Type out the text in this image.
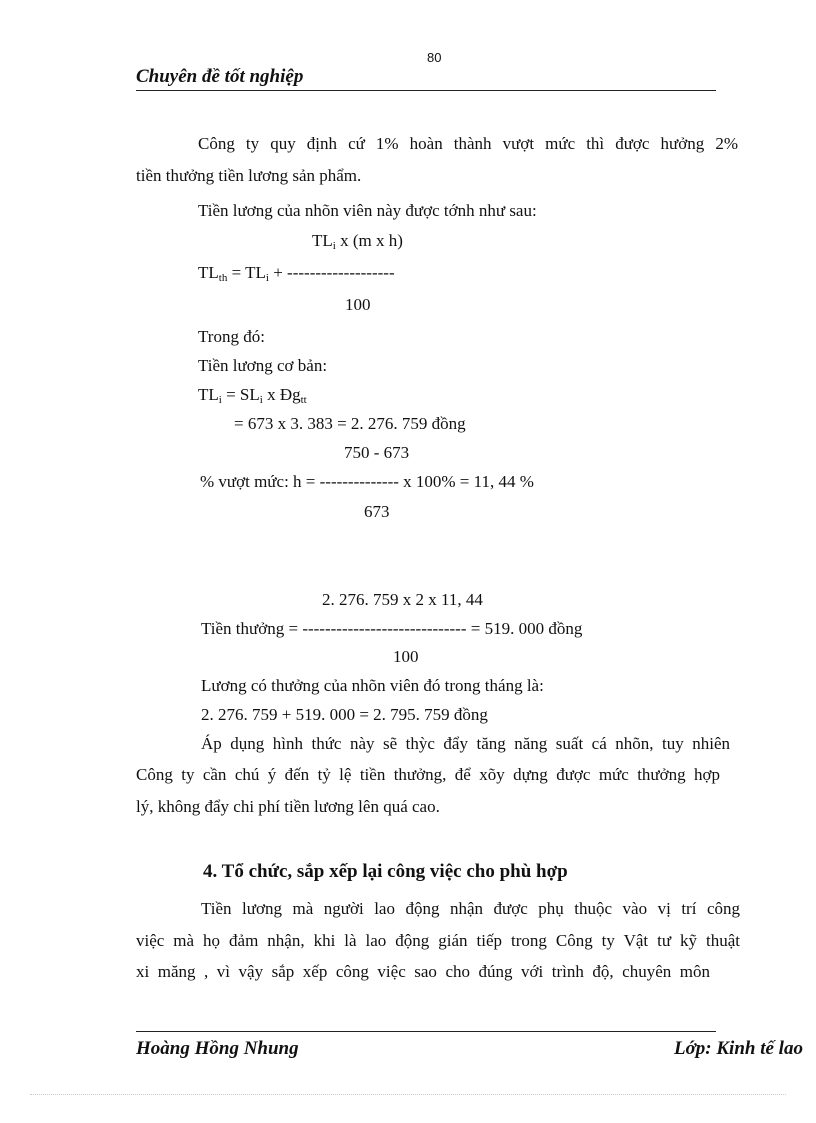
80
Chuyên đề tốt nghiệp
Công ty quy định cứ 1% hoàn thành vượt mức thì được hưởng 2%
tiền thưởng tiền lương sản phẩm.
Tiền lương của nhõn viên này được tớnh như sau:
$TL_i$ x (m x h)
$TL_{th} = TL_i$ + -------------------
100
Trong đó:
Tiền lương cơ bản:
$TL_i = SL_i$ x $Đg_{tt}$
= 673 x 3. 383 = 2. 276. 759 đồng
750 - 673
% vượt mức: h = -------------- x 100% = 11, 44 %
673
2. 276. 759 x 2 x 11, 44
Tiền thưởng = ----------------------------- = 519. 000 đồng
100
Lương có thưởng của nhõn viên đó trong tháng là:
2. 276. 759 + 519. 000 = 2. 795. 759 đồng
Áp dụng hình thức này sẽ thỳc đẩy tăng năng suất cá nhõn, tuy nhiên
Công ty cần chú ý đến tỷ lệ tiền thưởng, để xõy dựng được mức thưởng hợp
lý, không đẩy chi phí tiền lương lên quá cao.
4. Tổ chức, sắp xếp lại công việc cho phù hợp
Tiền lương mà người lao động nhận được phụ thuộc vào vị trí công
việc mà họ đảm nhận, khi là lao động gián tiếp trong Công ty Vật tư kỹ thuật
xi măng , vì vậy sắp xếp công việc sao cho đúng với trình độ, chuyên môn
Hoàng Hồng Nhung	Lớp: Kinh tế lao
